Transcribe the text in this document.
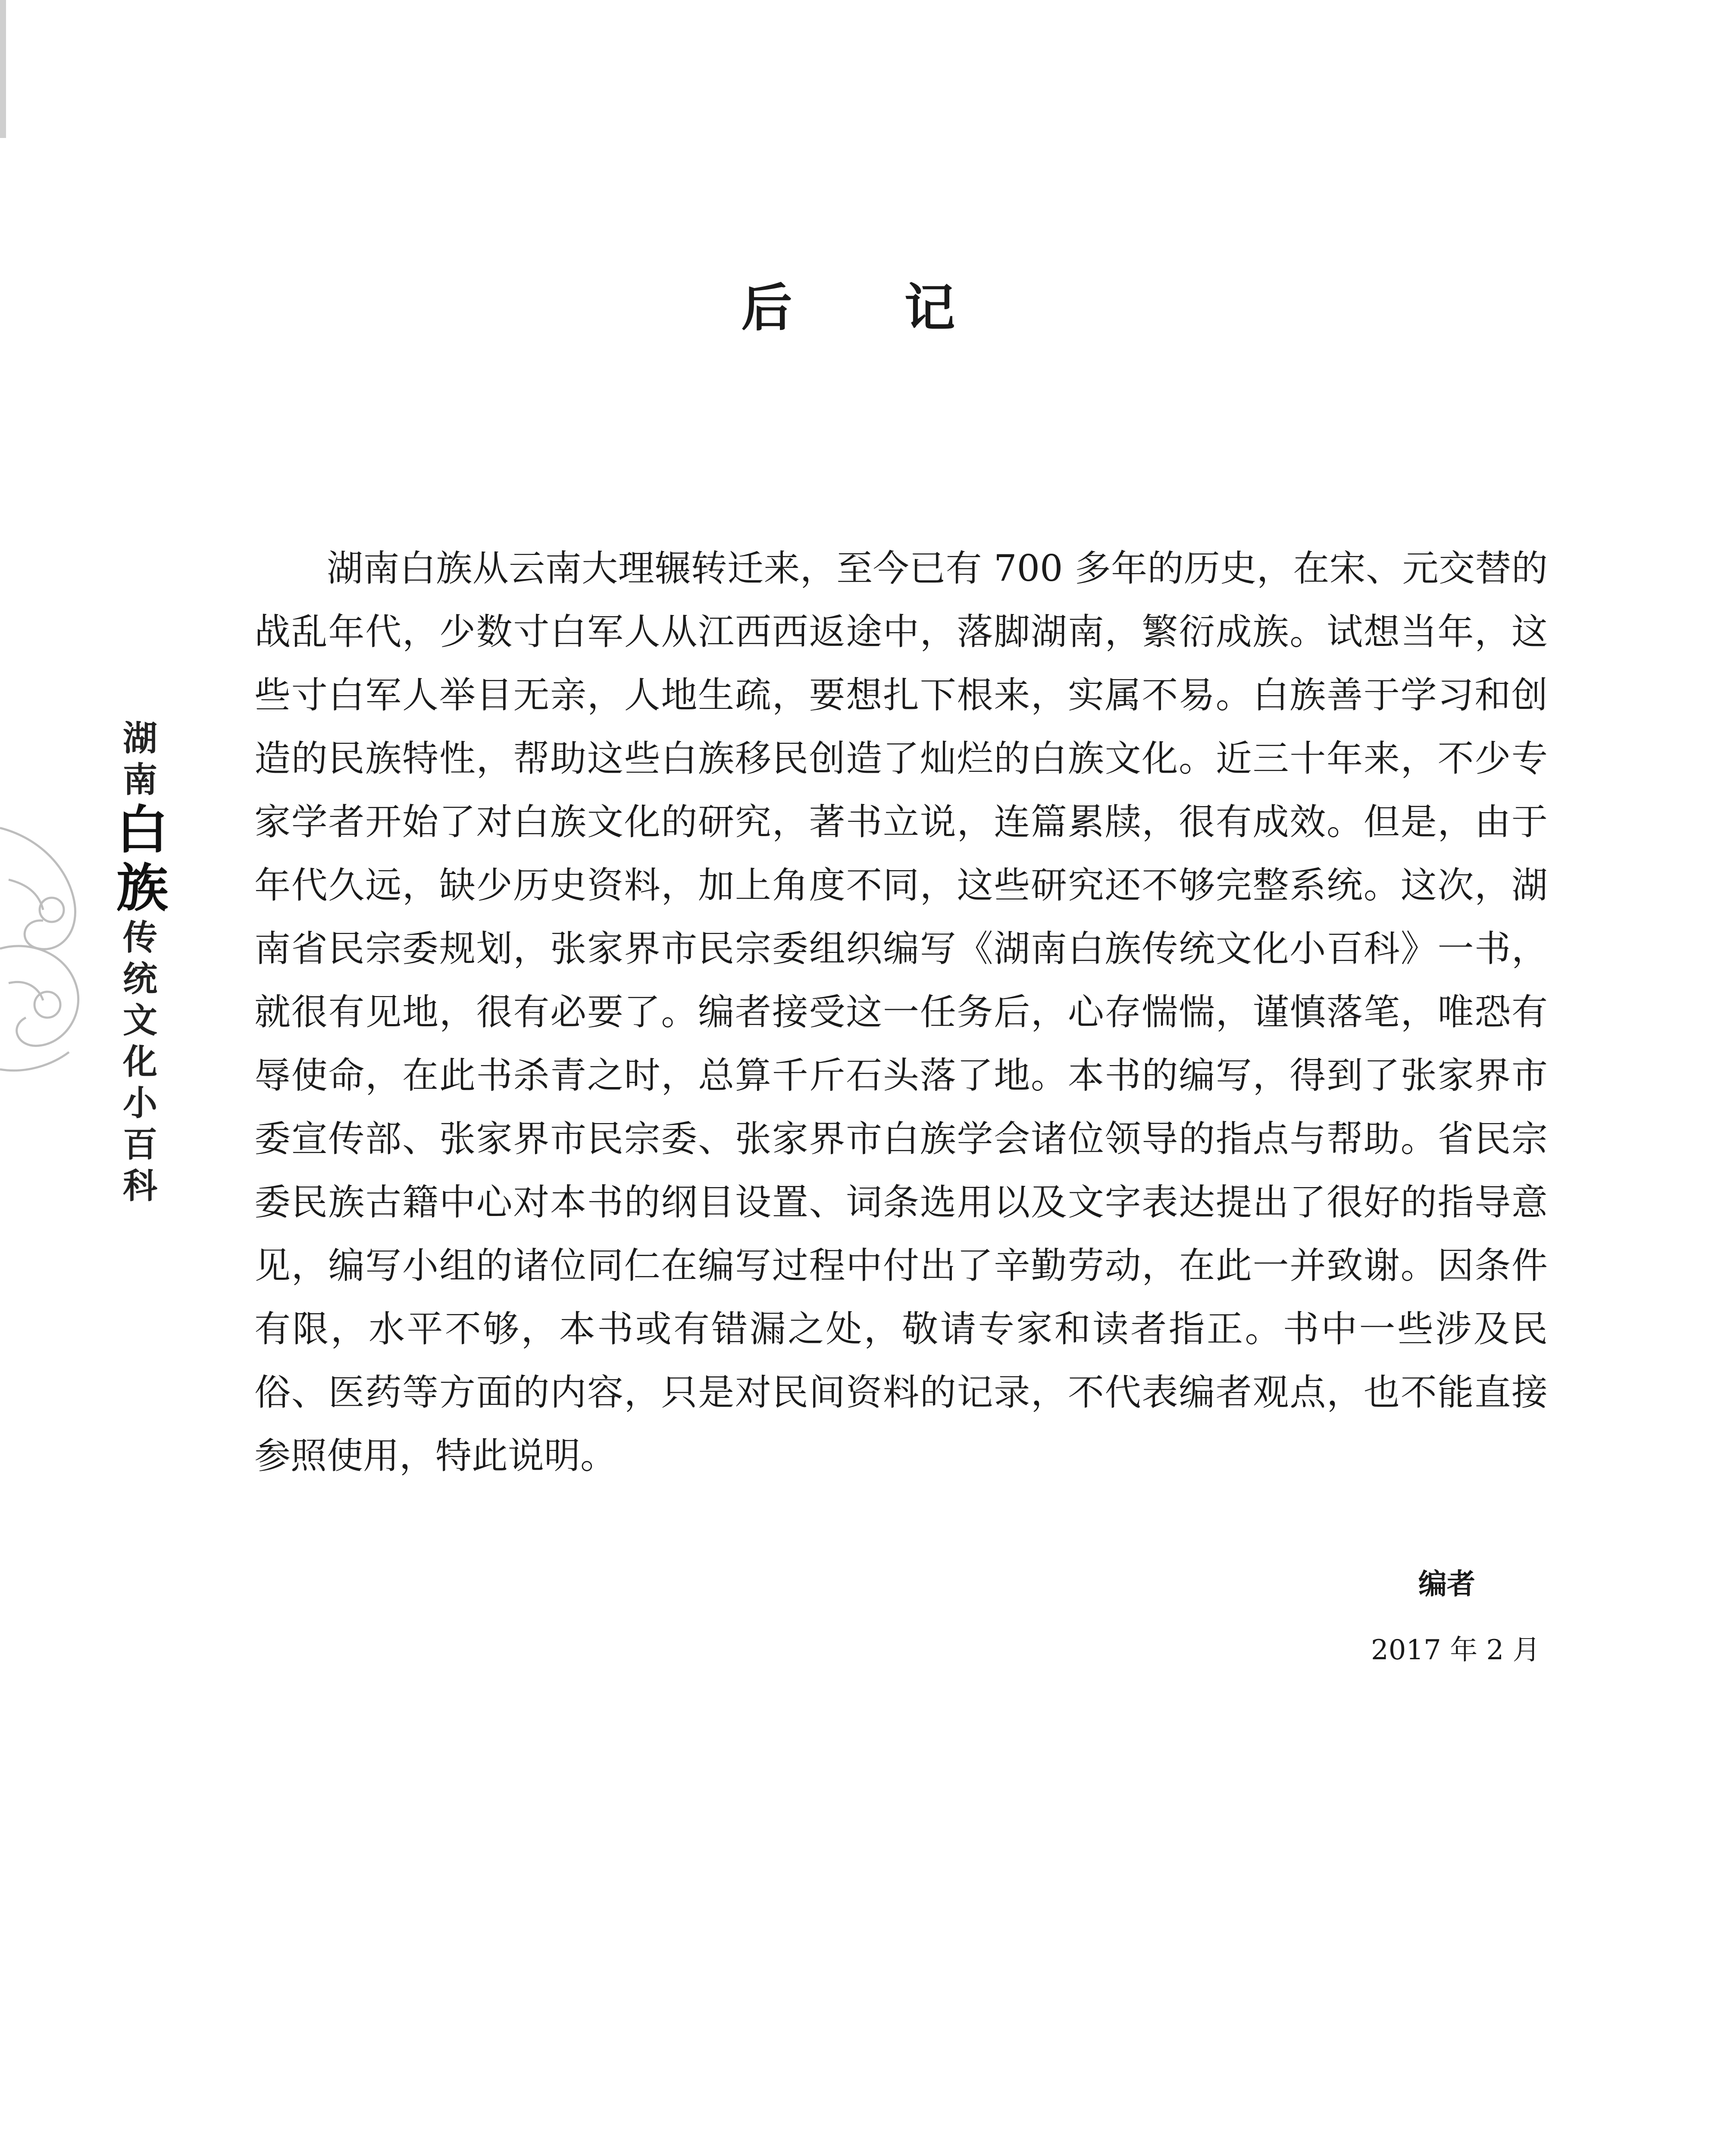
后记
湖
南
白
族
传
统
文
化
小
百
科

湖南白族从云南大理辗转迁来，至今已有 700 多年的历史，在宋、元交替的战乱年代，少数寸白军人从江西西返途中，落脚湖南，繁衍成族。试想当年，这些寸白军人举目无亲，人地生疏，要想扎下根来，实属不易。白族善于学习和创造的民族特性，帮助这些白族移民创造了灿烂的白族文化。近三十年来，不少专家学者开始了对白族文化的研究，著书立说，连篇累牍，很有成效。但是，由于年代久远，缺少历史资料，加上角度不同，这些研究还不够完整系统。这次，湖南省民宗委规划，张家界市民宗委组织编写《湖南白族传统文化小百科》一书，就很有见地，很有必要了。编者接受这一任务后，心存惴惴，谨慎落笔，唯恐有辱使命，在此书杀青之时，总算千斤石头落了地。本书的编写，得到了张家界市委宣传部、张家界市民宗委、张家界市白族学会诸位领导的指点与帮助。省民宗委民族古籍中心对本书的纲目设置、词条选用以及文字表达提出了很好的指导意见，编写小组的诸位同仁在编写过程中付出了辛勤劳动，在此一并致谢。因条件有限，水平不够，本书或有错漏之处，敬请专家和读者指正。书中一些涉及民俗、医药等方面的内容，只是对民间资料的记录，不代表编者观点，也不能直接参照使用，特此说明。

编者
2017 年 2 月
